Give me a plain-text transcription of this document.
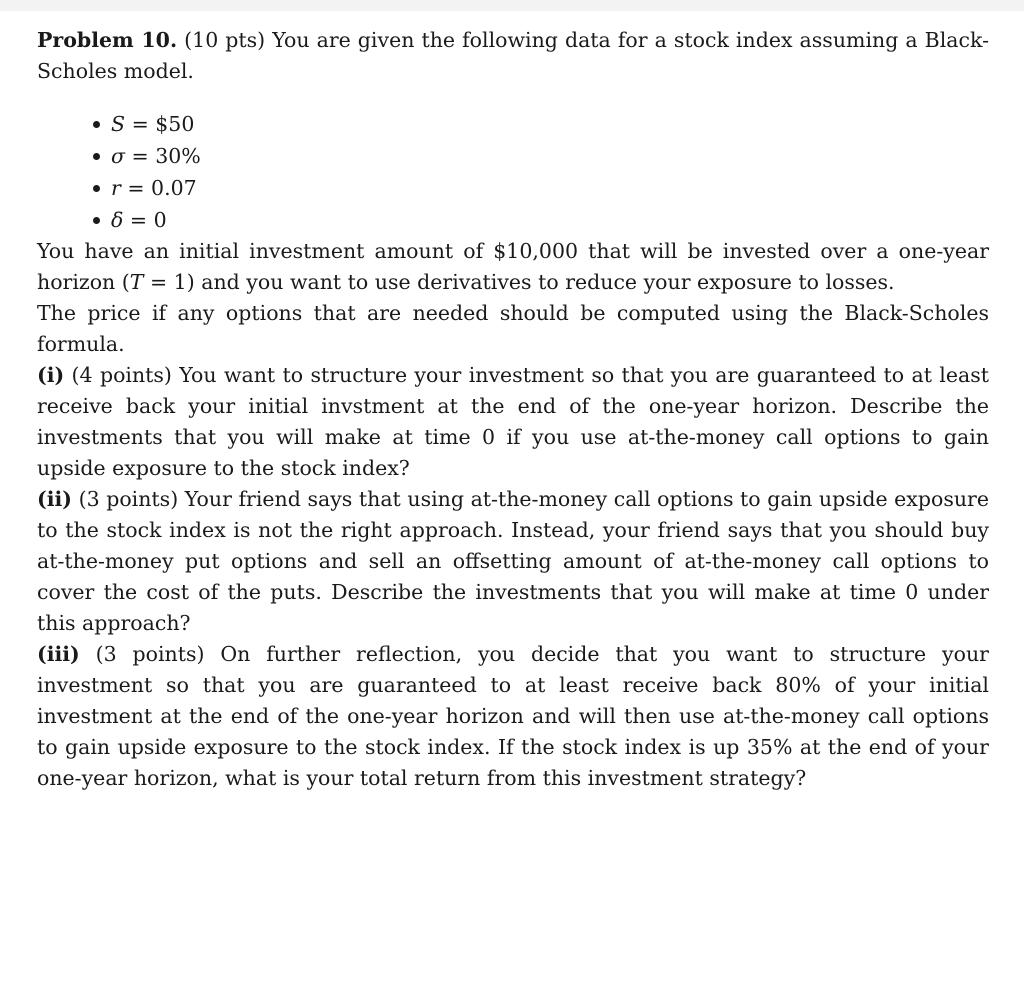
Problem 10. (10 pts) You are given the following data for a stock index assuming a Black-Scholes model.

S = $50
σ = 30%
r = 0.07
δ = 0

You have an initial investment amount of $10,000 that will be invested over a one-year horizon (T = 1) and you want to use derivatives to reduce your exposure to losses.

The price if any options that are needed should be computed using the Black-Scholes formula.

(i) (4 points) You want to structure your investment so that you are guaranteed to at least receive back your initial invstment at the end of the one-year horizon. Describe the investments that you will make at time 0 if you use at-the-money call options to gain upside exposure to the stock index?

(ii) (3 points) Your friend says that using at-the-money call options to gain upside exposure to the stock index is not the right approach. Instead, your friend says that you should buy at-the-money put options and sell an offsetting amount of at-the-money call options to cover the cost of the puts. Describe the investments that you will make at time 0 under this approach?

(iii) (3 points) On further reflection, you decide that you want to structure your investment so that you are guaranteed to at least receive back 80% of your initial investment at the end of the one-year horizon and will then use at-the-money call options to gain upside exposure to the stock index. If the stock index is up 35% at the end of your one-year horizon, what is your total return from this investment strategy?
